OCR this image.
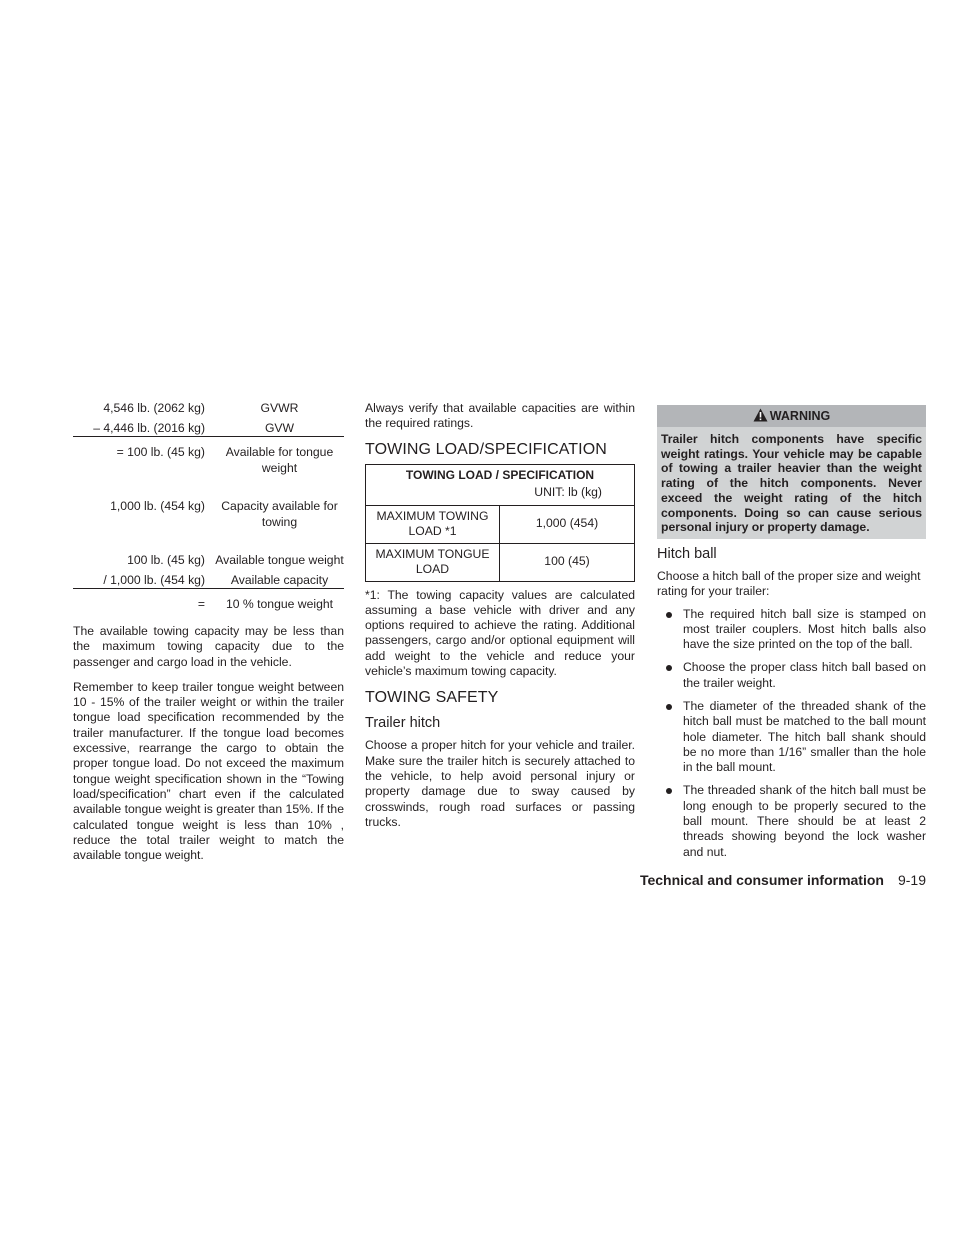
4,546 lb. (2062 kg)	GVWR
– 4,446 lb. (2016 kg)	GVW
= 100 lb. (45 kg)	Available for tongue weight
1,000 lb. (454 kg)	Capacity available for towing
100 lb. (45 kg)	Available tongue weight
/ 1,000 lb. (454 kg)	Available capacity
=	10 % tongue weight

The available towing capacity may be less than the maximum towing capacity due to the passenger and cargo load in the vehicle.

Remember to keep trailer tongue weight between 10 - 15% of the trailer weight or within the trailer tongue load specification recommended by the trailer manufacturer. If the tongue load becomes excessive, rearrange the cargo to obtain the proper tongue load. Do not exceed the maximum tongue weight specification shown in the “Towing load/specification” chart even if the calculated available tongue weight is greater than 15%. If the calculated tongue weight is less than 10% , reduce the total trailer weight to match the available tongue weight.

Always verify that available capacities are within the required ratings.

TOWING LOAD/SPECIFICATION
TOWING LOAD / SPECIFICATION	
UNIT: lb (kg)	
MAXIMUM TOWING LOAD *1	1,000 (454)
MAXIMUM TONGUE LOAD	100 (45)

*1: The towing capacity values are calculated assuming a base vehicle with driver and any options required to achieve the rating. Additional passengers, cargo and/or optional equipment will add weight to the vehicle and reduce your vehicle’s maximum towing capacity.

TOWING SAFETY
Trailer hitch

Choose a proper hitch for your vehicle and trailer. Make sure the trailer hitch is securely attached to the vehicle, to help avoid personal injury or property damage due to sway caused by crosswinds, rough road surfaces or passing trucks.

WARNING
Trailer hitch components have specific weight ratings. Your vehicle may be capable of towing a trailer heavier than the weight rating of the hitch components. Never exceed the weight rating of the hitch components. Doing so can cause serious personal injury or property damage.
Hitch ball

Choose a hitch ball of the proper size and weight rating for your trailer:

The required hitch ball size is stamped on most trailer couplers. Most hitch balls also have the size printed on the top of the ball.
Choose the proper class hitch ball based on the trailer weight.
The diameter of the threaded shank of the hitch ball must be matched to the ball mount hole diameter. The hitch ball shank should be no more than 1/16” smaller than the hole in the ball mount.
The threaded shank of the hitch ball must be long enough to be properly secured to the ball mount. There should be at least 2 threads showing beyond the lock washer and nut.
Technical and consumer information 9-19
